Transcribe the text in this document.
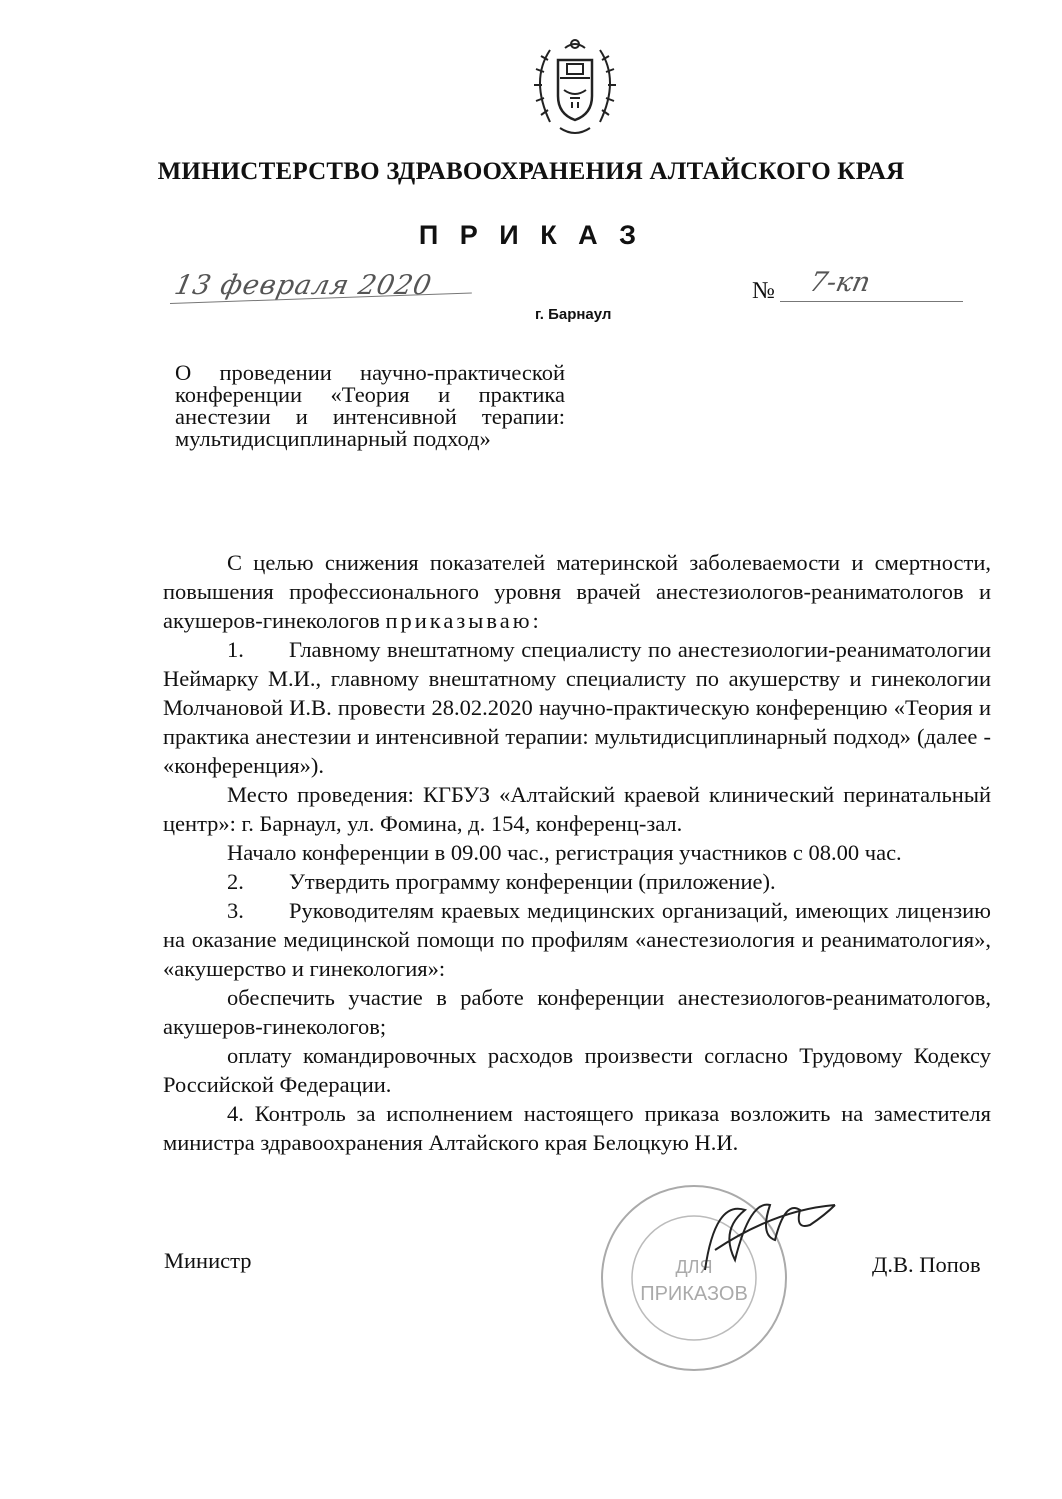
МИНИСТЕРСТВО ЗДРАВООХРАНЕНИЯ АЛТАЙСКОГО КРАЯ
П Р И К А З
13 февраля 2020
г. Барнаул
№ 7-кп
О проведении научно-практической конференции «Теория и практика анестезии и интенсивной терапии: мультидисциплинарный подход»

С целью снижения показателей материнской заболеваемости и смертности, повышения профессионального уровня врачей анестезиологов-реаниматологов и акушеров-гинекологов приказываю:

1. Главному внештатному специалисту по анестезиологии-реаниматологии Неймарку М.И., главному внештатному специалисту по акушерству и гинекологии Молчановой И.В. провести 28.02.2020 научно-практическую конференцию «Теория и практика анестезии и интенсивной терапии: мультидисциплинарный подход» (далее - «конференция»).

Место проведения: КГБУЗ «Алтайский краевой клинический перинатальный центр»: г. Барнаул, ул. Фомина, д. 154, конференц-зал.

Начало конференции в 09.00 час., регистрация участников с 08.00 час.

2. Утвердить программу конференции (приложение).

3. Руководителям краевых медицинских организаций, имеющих лицензию на оказание медицинской помощи по профилям «анестезиология и реаниматология», «акушерство и гинекология»:

обеспечить участие в работе конференции анестезиологов-реаниматологов, акушеров-гинекологов;

оплату командировочных расходов произвести согласно Трудовому Кодексу Российской Федерации.

4. Контроль за исполнением настоящего приказа возложить на заместителя министра здравоохранения Алтайского края Белоцкую Н.И.

ДЛЯ
ПРИКАЗОВ
Министр	Д.В. Попов
